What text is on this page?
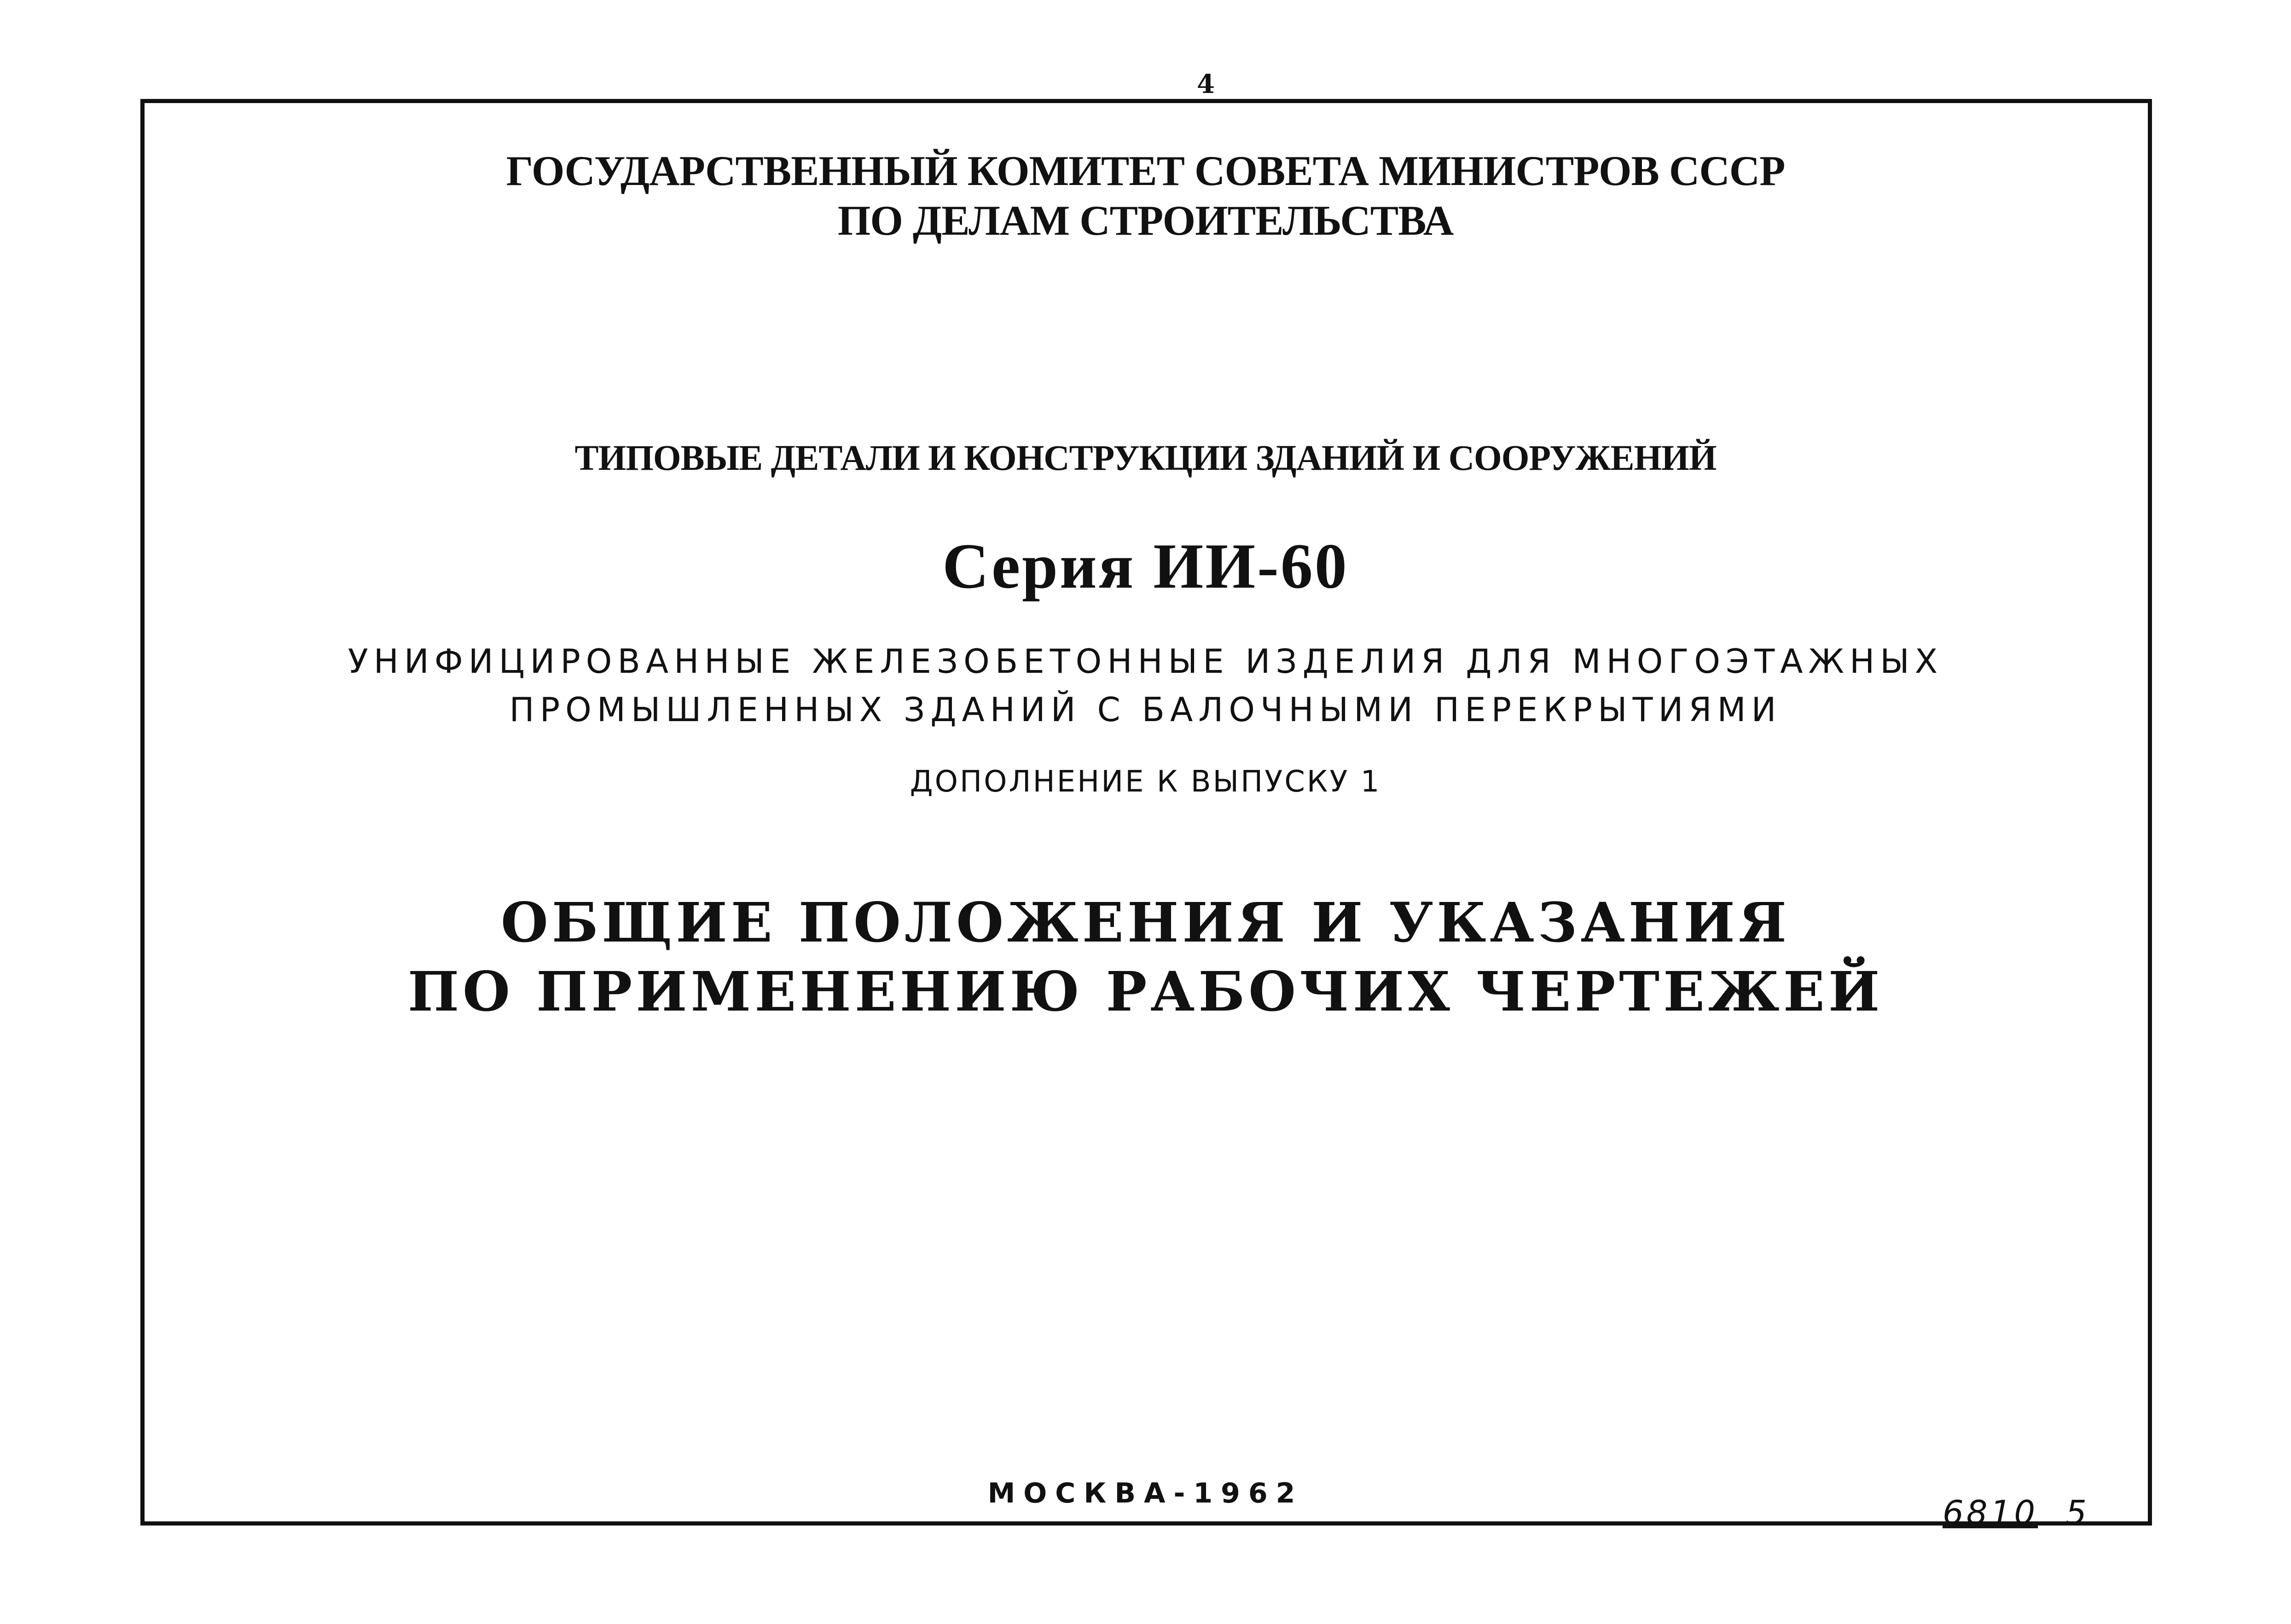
4
ГОСУДАРСТВЕННЫЙ КОМИТЕТ СОВЕТА МИНИСТРОВ СССР
ПО ДЕЛАМ СТРОИТЕЛЬСТВА
ТИПОВЫЕ ДЕТАЛИ И КОНСТРУКЦИИ ЗДАНИЙ И СООРУЖЕНИЙ
Серия ИИ-60
УНИФИЦИРОВАННЫЕ ЖЕЛЕЗОБЕТОННЫЕ ИЗДЕЛИЯ ДЛЯ МНОГОЭТАЖНЫХ
ПРОМЫШЛЕННЫХ ЗДАНИЙ С БАЛОЧНЫМИ ПЕРЕКРЫТИЯМИ
ДОПОЛНЕНИЕ К ВЫПУСКУ 1
ОБЩИЕ ПОЛОЖЕНИЯ И УКАЗАНИЯ
ПО ПРИМЕНЕНИЮ РАБОЧИХ ЧЕРТЕЖЕЙ
МОСКВА-1962	6810 5
